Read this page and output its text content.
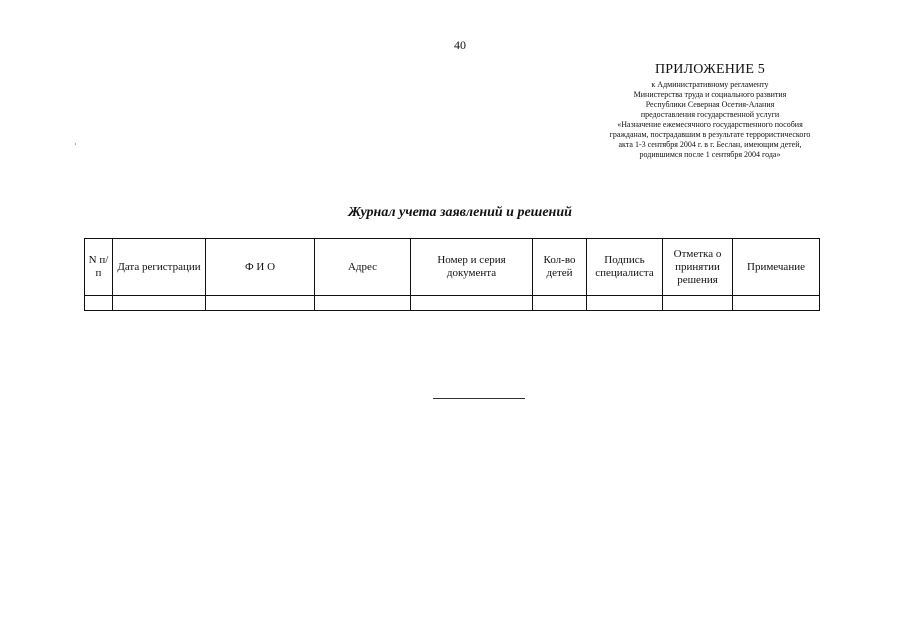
40
ПРИЛОЖЕНИЕ 5
к Административному регламенту
Министерства труда и социального развития
Республики Северная Осетия-Алания
предоставления государственной услуги
«Назначение ежемесячного государственного пособия
гражданам, пострадавшим в результате террористического
акта 1-3 сентября 2004 г. в г. Беслан, имеющим детей,
родившимся после 1 сентября 2004 года»
·
Журнал учета заявлений и решений
N п/п	Дата регистрации	Ф И О	Адрес	Номер и серия документа	Кол-во детей	Подпись специалиста	Отметка о принятии решения	Примечание
